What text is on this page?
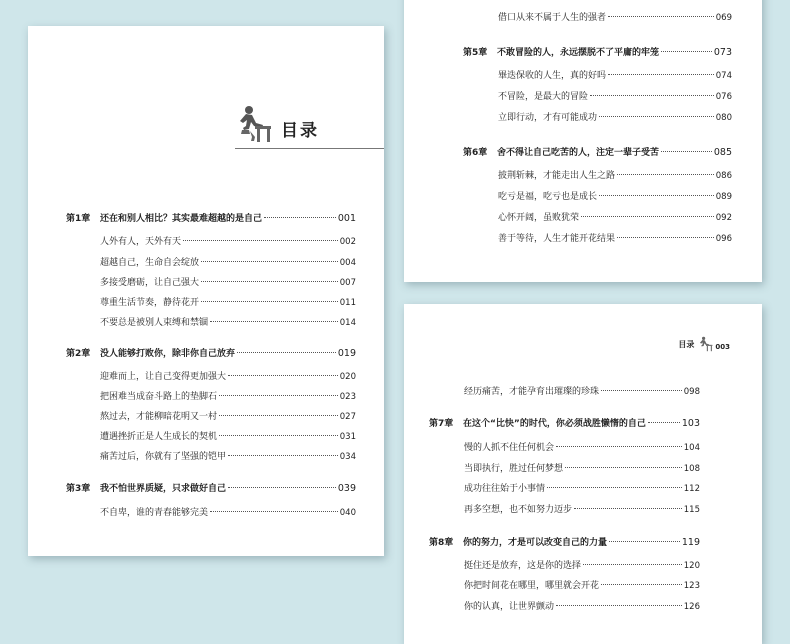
目录
第1章	还在和别人相比？其实最难超越的是自己	001
人外有人，天外有天	002
超越自己，生命自会绽放	004
多接受磨砺，让自己强大	007
尊重生活节奏，静待花开	011
不要总是被别人束缚和禁锢	014
第2章	没人能够打败你，除非你自己放弃	019
迎难而上，让自己变得更加强大	020
把困难当成奋斗路上的垫脚石	023
熬过去，才能柳暗花明又一村	027
遭遇挫折正是人生成长的契机	031
痛苦过后，你就有了坚强的铠甲	034
第3章	我不怕世界质疑，只求做好自己	039
不自卑，谁的青春能够完美	040
借口从来不属于人生的强者	069
第5章	不敢冒险的人，永远摆脱不了平庸的牢笼	073
畢迭保收的人生，真的好吗	074
不冒险，是最大的冒险	076
立即行动，才有可能成功	080
第6章	舍不得让自己吃苦的人，注定一辈子受苦	085
披荆斩棘，才能走出人生之路	086
吃亏是福，吃亏也是成长	089
心怀开阔，虽败犹荣	092
善于等待，人生才能开花结果	096
目录	003
经历痛苦，才能孕育出璀璨的珍珠	098
第7章	在这个“比快”的时代，你必须战胜懒惰的自己	103
慢的人抓不住任何机会	104
当即执行，胜过任何梦想	108
成功往往始于小事情	112
再多空想，也不如努力迈步	115
第8章	你的努力，才是可以改变自己的力量	119
挺住还是放弃，这是你的选择	120
你把时间花在哪里，哪里就会开花	123
你的认真，让世界颤动	126
